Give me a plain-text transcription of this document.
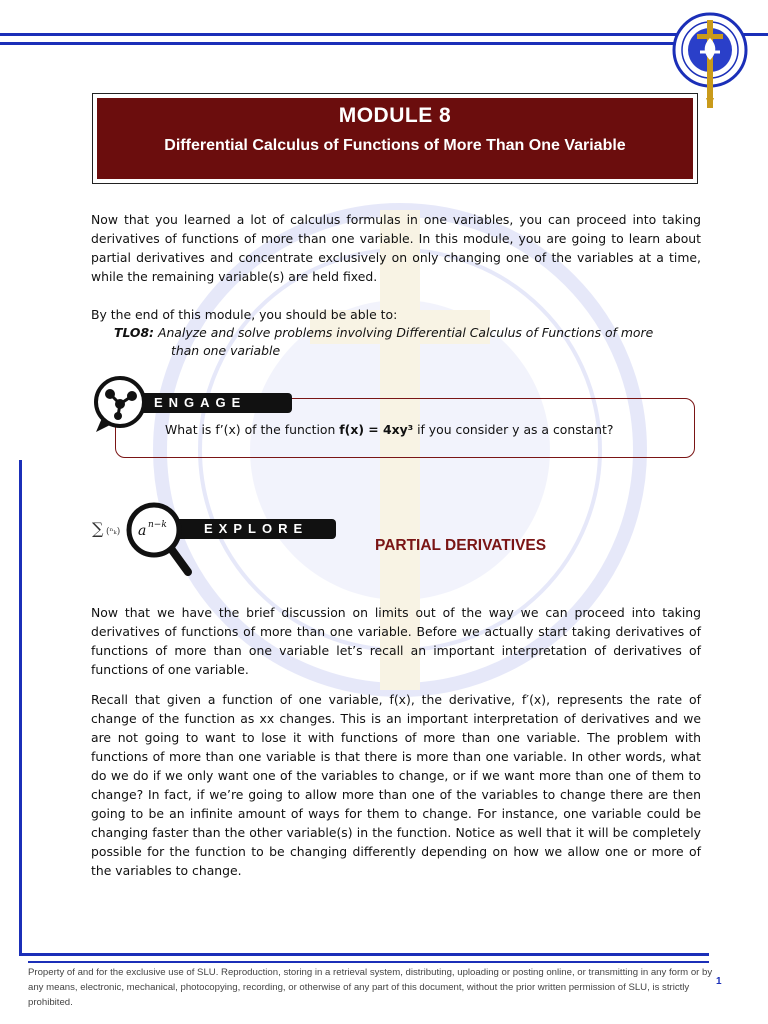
MODULE 8
Differential Calculus of Functions of More Than One Variable

Now that you learned a lot of calculus formulas in one variables, you can proceed into taking derivatives of functions of more than one variable. In this module, you are going to learn about partial derivatives and concentrate exclusively on only changing one of the variables at a time, while the remaining variable(s) are held fixed.

By the end of this module, you should be able to:

TLO8: Analyze and solve problems involving Differential Calculus of Functions of more

than one variable
ENGAGE
What is f’(x) of the function f(x) = 4xy³ if you consider y as a constant?
∑ (ⁿₖ)	EXPLORE
a n−k
PARTIAL DERIVATIVES

Now that we have the brief discussion on limits out of the way we can proceed into taking derivatives of functions of more than one variable. Before we actually start taking derivatives of functions of more than one variable let’s recall an important interpretation of derivatives of functions of one variable.

Recall that given a function of one variable, f(x), the derivative, f′(x), represents the rate of change of the function as xx changes. This is an important interpretation of derivatives and we are not going to want to lose it with functions of more than one variable. The problem with functions of more than one variable is that there is more than one variable. In other words, what do we do if we only want one of the variables to change, or if we want more than one of them to change? In fact, if we’re going to allow more than one of the variables to change there are then going to be an infinite amount of ways for them to change. For instance, one variable could be changing faster than the other variable(s) in the function. Notice as well that it will be completely possible for the function to be changing differently depending on how we allow one or more of the variables to change.

Property of and for the exclusive use of SLU. Reproduction, storing in a retrieval system, distributing, uploading or posting online, or transmitting in any form or by any means, electronic, mechanical, photocopying, recording, or otherwise of any part of this document, without the prior written permission of SLU, is strictly prohibited.
1
